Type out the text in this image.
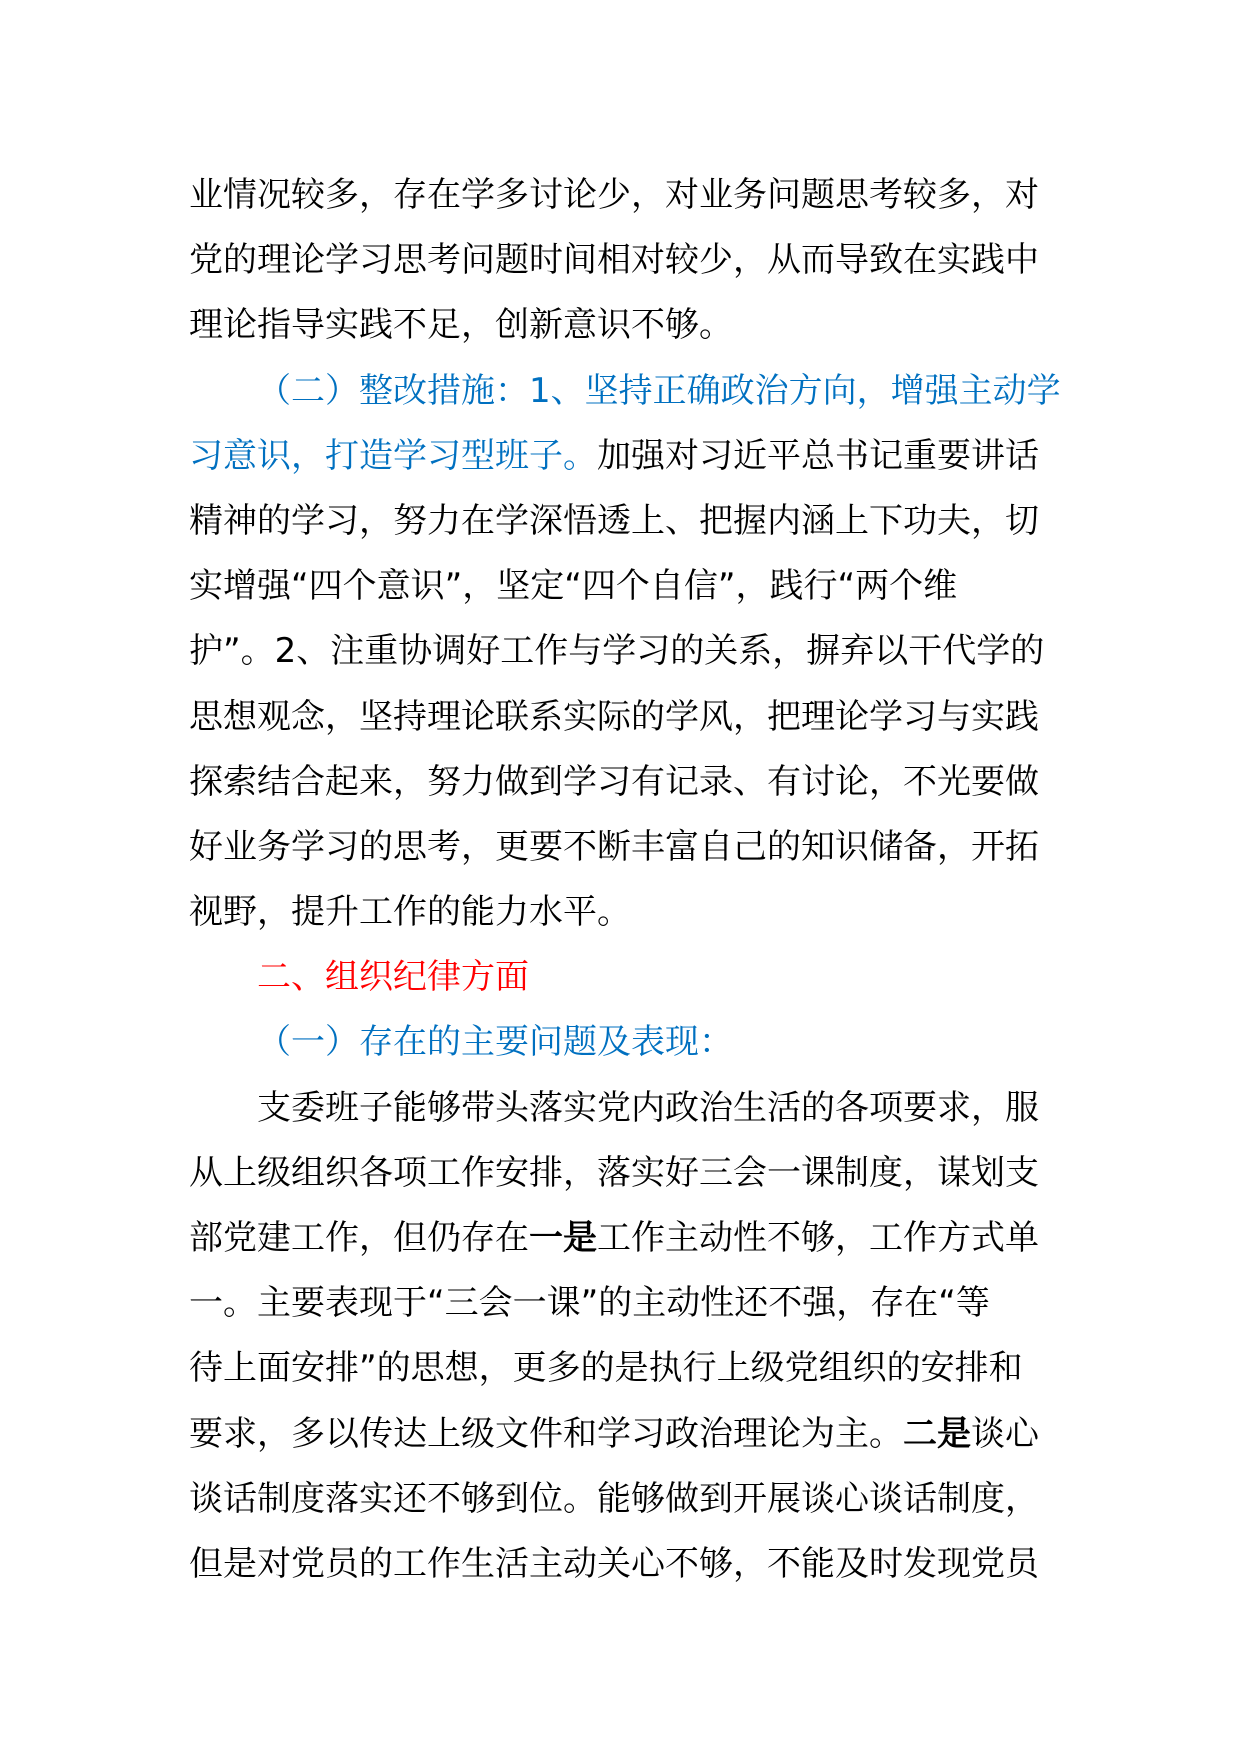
业情况较多，存在学多讨论少，对业务问题思考较多，对
党的理论学习思考问题时间相对较少，从而导致在实践中
理论指导实践不足，创新意识不够。
（二）整改措施：1、坚持正确政治方向，增强主动学
习意识，打造学习型班子。加强对习近平总书记重要讲话
精神的学习，努力在学深悟透上、把握内涵上下功夫，切
实增强“四个意识”，坚定“四个自信”，践行“两个维
护”。2、注重协调好工作与学习的关系，摒弃以干代学的
思想观念，坚持理论联系实际的学风，把理论学习与实践
探索结合起来，努力做到学习有记录、有讨论，不光要做
好业务学习的思考，更要不断丰富自己的知识储备，开拓
视野，提升工作的能力水平。
二、组织纪律方面
（一）存在的主要问题及表现：
支委班子能够带头落实党内政治生活的各项要求，服
从上级组织各项工作安排，落实好三会一课制度，谋划支
部党建工作，但仍存在一是工作主动性不够，工作方式单
一。主要表现于“三会一课”的主动性还不强，存在“等
待上面安排”的思想，更多的是执行上级党组织的安排和
要求，多以传达上级文件和学习政治理论为主。二是谈心
谈话制度落实还不够到位。能够做到开展谈心谈话制度，
但是对党员的工作生活主动关心不够，不能及时发现党员
